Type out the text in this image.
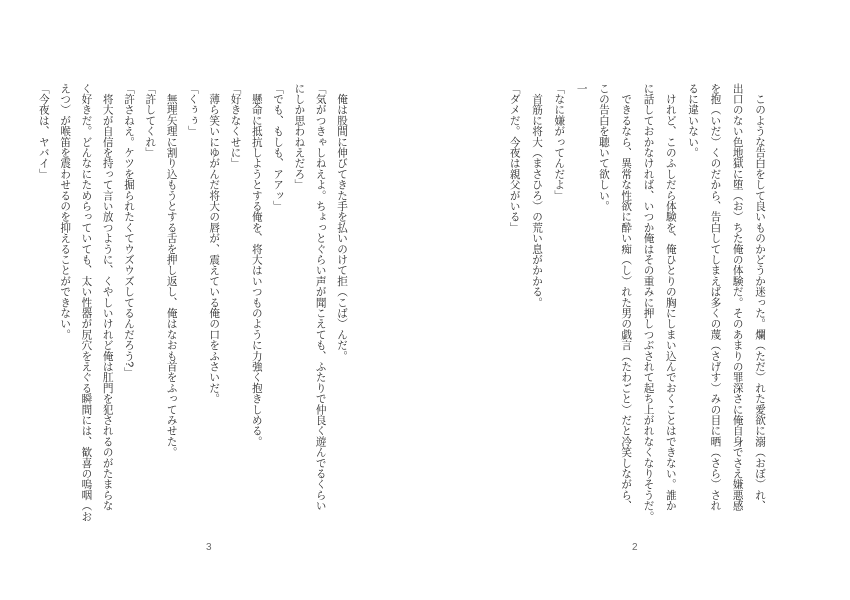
　このような告白をして良いものかどうか迷った。爛（ただ）れた愛欲に溺（おぼ）れ、
出口のない色地獄に堕（お）ちた俺の体験だ。そのあまりの罪深さに俺自身でさえ嫌悪感
を抱（いだ）くのだから、告白してしまえば多くの蔑（さげす）みの目に晒（さら）され
るに違いない。
　けれど、このふしだら体験を、俺ひとりの胸にしまい込んでおくことはできない。誰か
に話しておかなければ、いつか俺はその重みに押しつぶされて起ち上がれなくなりそうだ。
　できるなら、異常な性欲に酔い痴（し）れた男の戯言（たわごと）だと冷笑しながら、
この告白を聴いて欲しい。
一
「なに嫌がってんだよ」
　首筋に将大（まさひろ）の荒い息がかかる。
「ダメだ。今夜は親父がいる」
　俺は股間に伸びてきた手を払いのけて拒（こば）んだ。
「気がつきゃしねえよ。ちょっとぐらい声が聞こえても、ふたりで仲良く遊んでるくらい
にしか思わねえだろ」
「でも、もしも、アアッ」
　懸命に抵抗しようとする俺を、将大はいつものように力強く抱きしめる。
「好きなくせに」
　薄ら笑いにゆがんだ将大の唇が、震えている俺の口をふさいだ。
「くぅぅ」
　無理矢理に割り込もうとする舌を押し返し、俺はなおも首をふってみせた。
「許してくれ」
「許さねえ。ケツを掘られたくてウズウズしてるんだろう?」
　将大が自信を持って言い放つように、くやしいけれど俺は肛門を犯されるのがたまらな
く好きだ。どんなにためらっていても、太い性器が尻穴をえぐる瞬間には、歓喜の嗚咽（お
えつ）が喉笛を震わせるのを抑えることができない。
「今夜は、ヤバイ」
2
3
